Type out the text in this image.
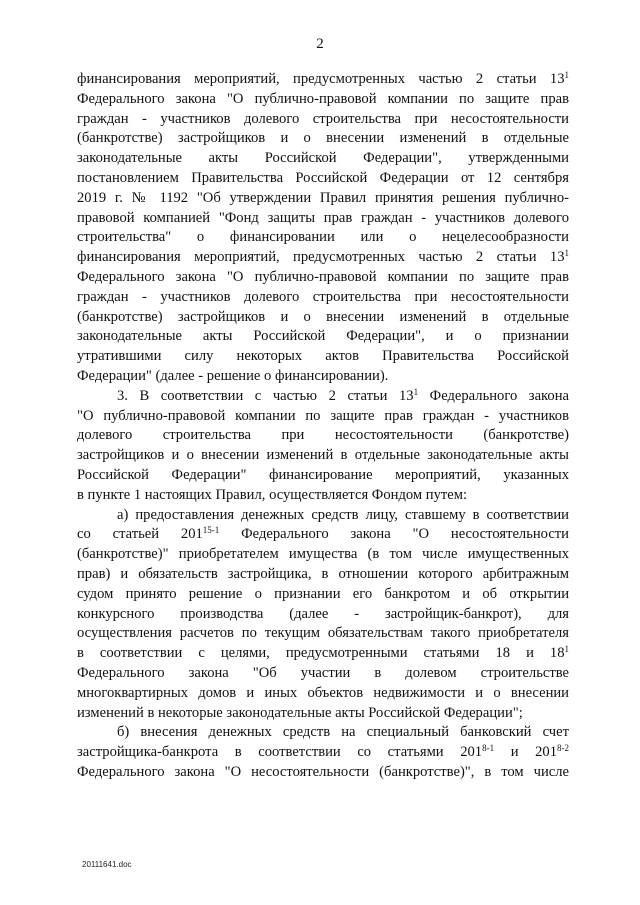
2
финансирования мероприятий, предусмотренных частью 2 статьи $13^1$
Федерального закона "О публично-правовой компании по защите прав
граждан - участников долевого строительства при несостоятельности
(банкротстве) застройщиков и о внесении изменений в отдельные
законодательные акты Российской Федерации", утвержденными
постановлением Правительства Российской Федерации от 12 сентября
2019 г. № 1192 "Об утверждении Правил принятия решения публично-
правовой компанией "Фонд защиты прав граждан - участников долевого
строительства" о финансировании или о нецелесообразности
финансирования мероприятий, предусмотренных частью 2 статьи $13^1$
Федерального закона "О публично-правовой компании по защите прав
граждан - участников долевого строительства при несостоятельности
(банкротстве) застройщиков и о внесении изменений в отдельные
законодательные акты Российской Федерации", и о признании
утратившими силу некоторых актов Правительства Российской
Федерации" (далее - решение о финансировании).
3. В соответствии с частью 2 статьи $13^1$ Федерального закона
"О публично-правовой компании по защите прав граждан - участников
долевого строительства при несостоятельности (банкротстве)
застройщиков и о внесении изменений в отдельные законодательные акты
Российской Федерации" финансирование мероприятий, указанных
в пункте 1 настоящих Правил, осуществляется Фондом путем:
а) предоставления денежных средств лицу, ставшему в соответствии
со статьей 201$^{15-1}$ Федерального закона "О несостоятельности
(банкротстве)" приобретателем имущества (в том числе имущественных
прав) и обязательств застройщика, в отношении которого арбитражным
судом принято решение о признании его банкротом и об открытии
конкурсного производства (далее - застройщик-банкрот), для
осуществления расчетов по текущим обязательствам такого приобретателя
в соответствии с целями, предусмотренными статьями 18 и $18^1$
Федерального закона "Об участии в долевом строительстве
многоквартирных домов и иных объектов недвижимости и о внесении
изменений в некоторые законодательные акты Российской Федерации";
б) внесения денежных средств на специальный банковский счет
застройщика-банкрота в соответствии со статьями 201$^{8-1}$ и 201$^{8-2}$
Федерального закона "О несостоятельности (банкротстве)", в том числе
20111641.doc
